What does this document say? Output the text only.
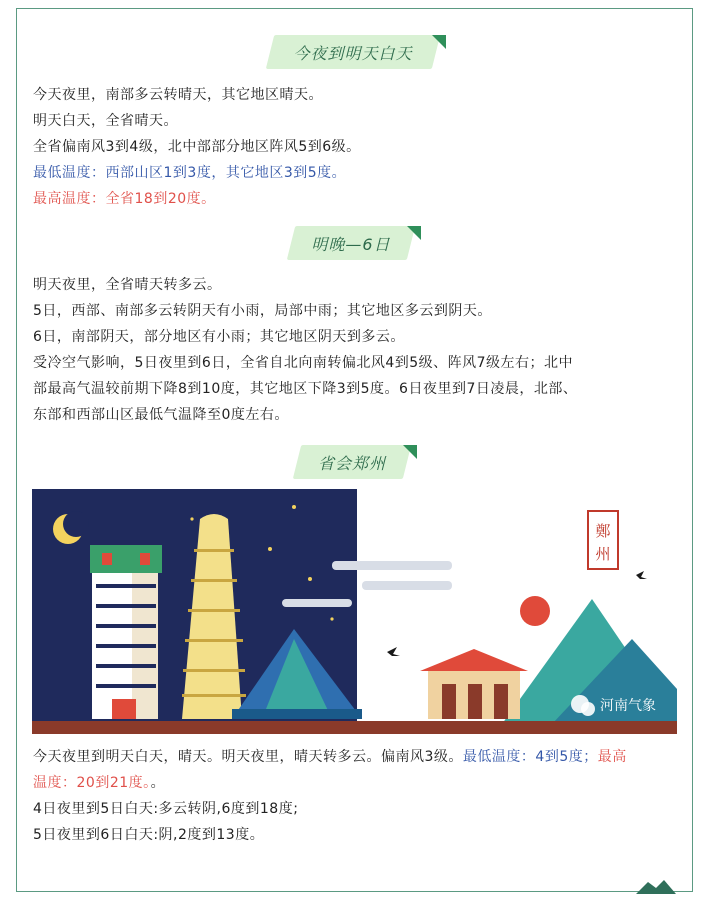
今夜到明天白天
今天夜里，南部多云转晴天，其它地区晴天。
明天白天，全省晴天。
全省偏南风3到4级，北中部部分地区阵风5到6级。
最低温度：西部山区1到3度，其它地区3到5度。
最高温度：全省18到20度。
明晚—6日
明天夜里，全省晴天转多云。
5日，西部、南部多云转阴天有小雨，局部中雨；其它地区多云到阴天。
6日，南部阴天，部分地区有小雨；其它地区阴天到多云。
受冷空气影响，5日夜里到6日，全省自北向南转偏北风4到5级、阵风7级左右；北中
部最高气温较前期下降8到10度，其它地区下降3到5度。6日夜里到7日凌晨，北部、
东部和西部山区最低气温降至0度左右。
省会郑州
鄭
州
河南气象
今天夜里到明天白天，晴天。明天夜里，晴天转多云。偏南风3级。最低温度：4到5度；最高
温度：20到21度。。
4日夜里到5日白天:多云转阴,6度到18度;
5日夜里到6日白天:阴,2度到13度。
